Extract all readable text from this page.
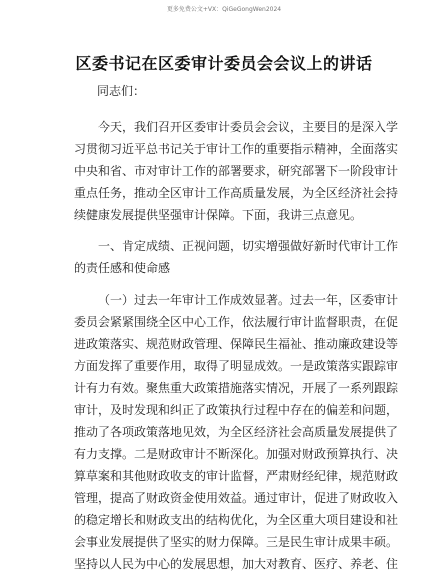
更多免费公文+VX：QiGeGongWen2024
区委书记在区委审计委员会会议上的讲话
同志们：
今天，我们召开区委审计委员会会议，主要目的是深入学
习贯彻习近平总书记关于审计工作的重要指示精神，全面落实
中央和省、市对审计工作的部署要求，研究部署下一阶段审计
重点任务，推动全区审计工作高质量发展，为全区经济社会持
续健康发展提供坚强审计保障。下面，我讲三点意见。
一、肯定成绩、正视问题，切实增强做好新时代审计工作
的责任感和使命感
（一）过去一年审计工作成效显著。过去一年，区委审计
委员会紧紧围绕全区中心工作，依法履行审计监督职责，在促
进政策落实、规范财政管理、保障民生福祉、推动廉政建设等
方面发挥了重要作用，取得了明显成效。一是政策落实跟踪审
计有力有效。聚焦重大政策措施落实情况，开展了一系列跟踪
审计，及时发现和纠正了政策执行过程中存在的偏差和问题，
推动了各项政策落地见效，为全区经济社会高质量发展提供了
有力支撑。二是财政审计不断深化。加强对财政预算执行、决
算草案和其他财政收支的审计监督，严肃财经纪律，规范财政
管理，提高了财政资金使用效益。通过审计，促进了财政收入
的稳定增长和财政支出的结构优化，为全区重大项目建设和社
会事业发展提供了坚实的财力保障。三是民生审计成果丰硕。
坚持以人民为中心的发展思想，加大对教育、医疗、养老、住
